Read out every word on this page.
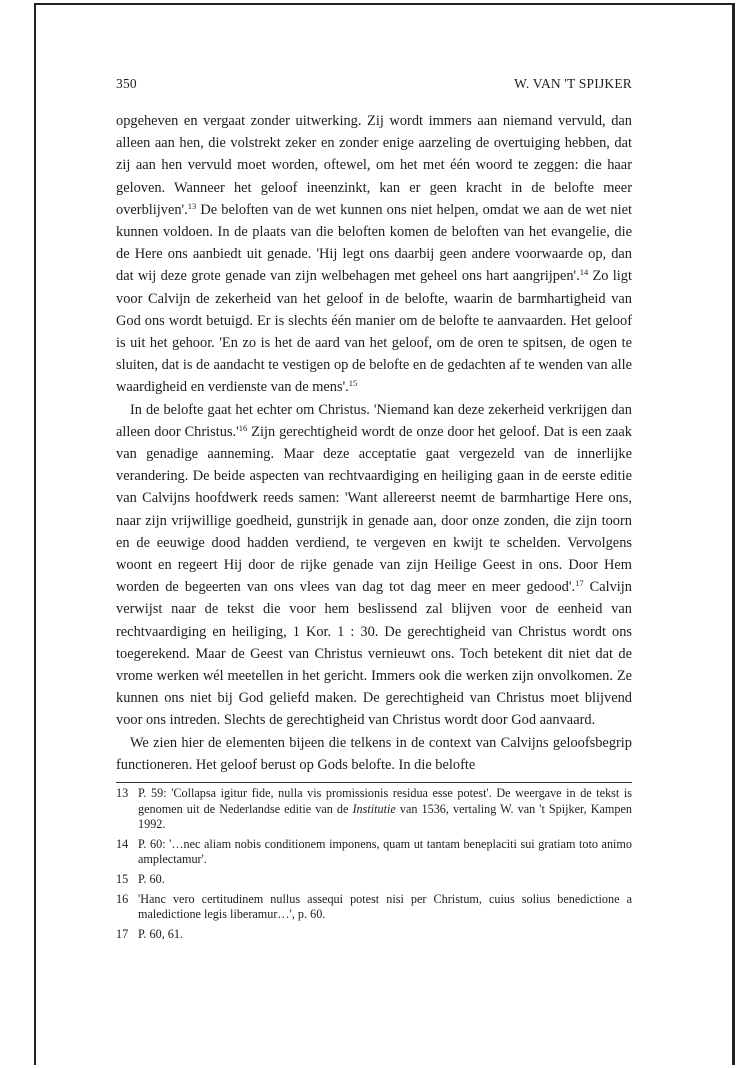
350	W. VAN 'T SPIJKER

opgeheven en vergaat zonder uitwerking. Zij wordt immers aan niemand vervuld, dan alleen aan hen, die volstrekt zeker en zonder enige aarzeling de overtuiging hebben, dat zij aan hen vervuld moet worden, oftewel, om het met één woord te zeggen: die haar geloven. Wanneer het geloof ineenzinkt, kan er geen kracht in de belofte meer overblijven'.$^{13}$ De beloften van de wet kunnen ons niet helpen, omdat we aan de wet niet kunnen voldoen. In de plaats van die beloften komen de beloften van het evangelie, die de Here ons aanbiedt uit genade. 'Hij legt ons daarbij geen andere voorwaarde op, dan dat wij deze grote genade van zijn welbehagen met geheel ons hart aangrijpen'.$^{14}$ Zo ligt voor Calvijn de zekerheid van het geloof in de belofte, waarin de barmhartigheid van God ons wordt betuigd. Er is slechts één manier om de belofte te aanvaarden. Het geloof is uit het gehoor. 'En zo is het de aard van het geloof, om de oren te spitsen, de ogen te sluiten, dat is de aandacht te vestigen op de belofte en de gedachten af te wenden van alle waardigheid en verdienste van de mens'.$^{15}$

In de belofte gaat het echter om Christus. 'Niemand kan deze zekerheid verkrijgen dan alleen door $Christus.'^{16}$ Zijn gerechtigheid wordt de onze door het geloof. Dat is een zaak van genadige aanneming. Maar deze acceptatie gaat vergezeld van de innerlijke verandering. De beide aspecten van rechtvaardiging en heiliging gaan in de eerste editie van Calvijns hoofdwerk reeds samen: 'Want allereerst neemt de barmhartige Here ons, naar zijn vrijwillige goedheid, gunstrijk in genade aan, door onze zonden, die zijn toorn en de eeuwige dood hadden verdiend, te vergeven en kwijt te schelden. Vervolgens woont en regeert Hij door de rijke genade van zijn Heilige Geest in ons. Door Hem worden de begeerten van ons vlees van dag tot dag meer en meer gedood'.$^{17}$ Calvijn verwijst naar de tekst die voor hem beslissend zal blijven voor de eenheid van rechtvaardiging en heiliging, 1 Kor. 1 : 30. De gerechtigheid van Christus wordt ons toegerekend. Maar de Geest van Christus vernieuwt ons. Toch betekent dit niet dat de vrome werken wél meetellen in het gericht. Immers ook die werken zijn onvolkomen. Ze kunnen ons niet bij God geliefd maken. De gerechtigheid van Christus moet blijvend voor ons intreden. Slechts de gerechtigheid van Christus wordt door God aanvaard.

We zien hier de elementen bijeen die telkens in de context van Calvijns geloofsbegrip functioneren. Het geloof berust op Gods belofte. In die belofte

13 P. 59: 'Collapsa igitur fide, nulla vis promissionis residua esse potest'. De weergave in de tekst is genomen uit de Nederlandse editie van de Institutie van 1536, vertaling W. van 't Spijker, Kampen 1992.
14 P. 60: '…nec aliam nobis conditionem imponens, quam ut tantam beneplaciti sui gratiam toto animo amplectamur'.
15 P. 60.
16 'Hanc vero certitudinem nullus assequi potest nisi per Christum, cuius solius benedictione a maledictione legis liberamur…', p. 60.
17 P. 60, 61.
